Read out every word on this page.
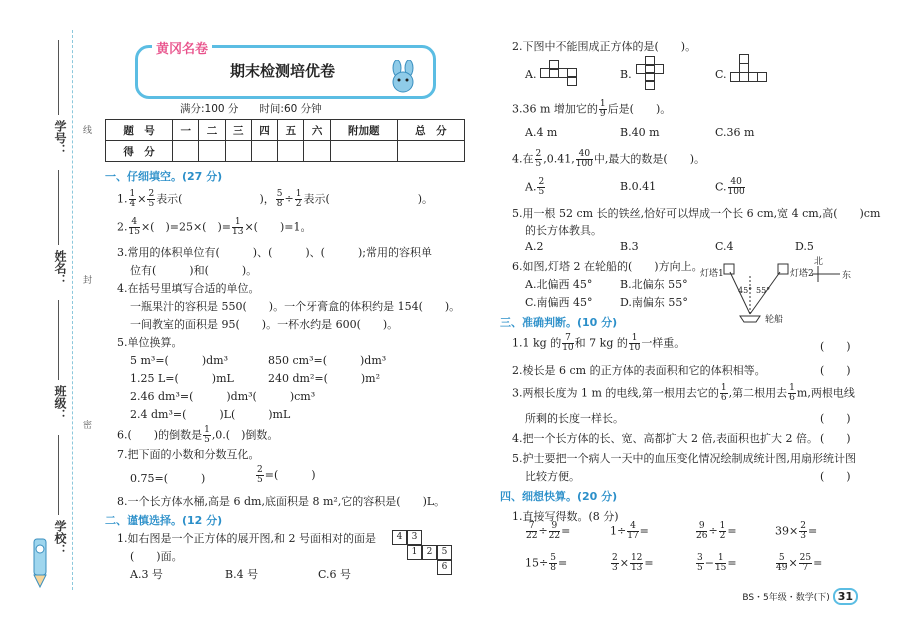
学号：
姓名：
班级：
学校：
线
封
密
黄冈名卷
期末检测培优卷
满分:100 分　　时间:60 分钟
题　号	一	二	三	四	五	六	附加题	总　分
得　分								
一、仔细填空。(27 分)
1. $\frac{1}{4} \times \frac{2}{5}$ 表示(　　　　　　　	)， $\frac{5}{8} \div \frac{1}{2}$ 表示(　　　　　　　　	)。
2. $\frac{4}{15}$ ×(　)=25×(　)= $\frac{1}{13}$ ×(　　)=1。
3.常用的体积单位有(　　　)、(　　　)、(　　　);常用的容积单
位有(　　　)和(　　　)。
4.在括号里填写合适的单位。
一瓶果汁的容积是 550(　　)。一个牙膏盒的体积约是 154(　　)。
一间教室的面积是 95(　　)。一杯水约是 600(　　)。
5.单位换算。
5 m³=(　　　)dm³	850 cm³=(　　　)dm³
1.25 L=(　　　)mL	240 dm²=(　　　)m²
2.46 dm³=(　　　)dm³(　　　)cm³
2.4 dm³=(　　　)L(　　　)mL
6.(　　)的倒数是 $\frac{1}{5} ,0$.(　)倒数。
7.把下面的小数和分数互化。
0.75=(　　　)	$\frac{2}{5}$ =(　　　)
8.一个长方体水桶,高是 6 dm,底面积是 8 m²,它的容积是(　　)L。
二、谨慎选择。(12 分)
1.如右图是一个正方体的展开图,和 2 号面相对的面是
(　　)面。
A.3 号	B.4 号	C.6 号
4	3
1	2	5
6
2.下图中不能围成正方体的是(　　)。
A.	B.	C.
3.36 m 增加它的 $\frac{1}{9}$ 后是(　　)。
A.4 m	B.40 m	C.36 m
4.在 $\frac{2}{5} ,0.41$, $\frac{40}{100}$ 中,最大的数是(　　)。
A. $\frac{2}{5}$	B.0.41	C. $\frac{40}{100}$
5.用一根 52 cm 长的铁丝,恰好可以焊成一个长 6 cm,宽 4 cm,高(　　)cm
的长方体教具。
A.2	B.3	C.4	D.5
6.如图,灯塔 2 在轮船的(　　)方向上。
A.北偏西 45°	B.北偏东 55°
C.南偏西 45° D.南偏东 55°
灯塔1	灯塔2
北
东
45° 55°
轮船
三、准确判断。(10 分)
1.1 kg 的 $\frac{7}{10}$ 和 7 kg 的 $\frac{1}{10}$ 一样重。	(　　)
2.棱长是 6 cm 的正方体的表面积和它的体积相等。	(　　)
3.两根长度为 1 m 的电线,第一根用去它的 $\frac{1}{6}$ ,第二根用去 $\frac{1}{6} m$,两根电线
所剩的长度一样长。	(　　)
4.把一个长方体的长、宽、高都扩大 2 倍,表面积也扩大 2 倍。 (　　)
5.护士要把一个病人一天中的血压变化情况绘制成统计图,用扇形统计图
比较方便。	(　　)
四、细想快算。(20 分)
1.直接写得数。(8 分)
$\frac{7}{22} \div \frac{9}{22}$ =	$1\div \frac{4}{17}$ =	$\frac{9}{26} \div \frac{1}{2}$ =	$39\times \frac{2}{3}$ =
$15\div \frac{5}{8}$ =	$\frac{2}{3} \times \frac{12}{13}$ =	$\frac{3}{5} - \frac{1}{15}$ =	$\frac{5}{49} \times \frac{25}{7}$ =
BS・5年级・数学(下) 31
